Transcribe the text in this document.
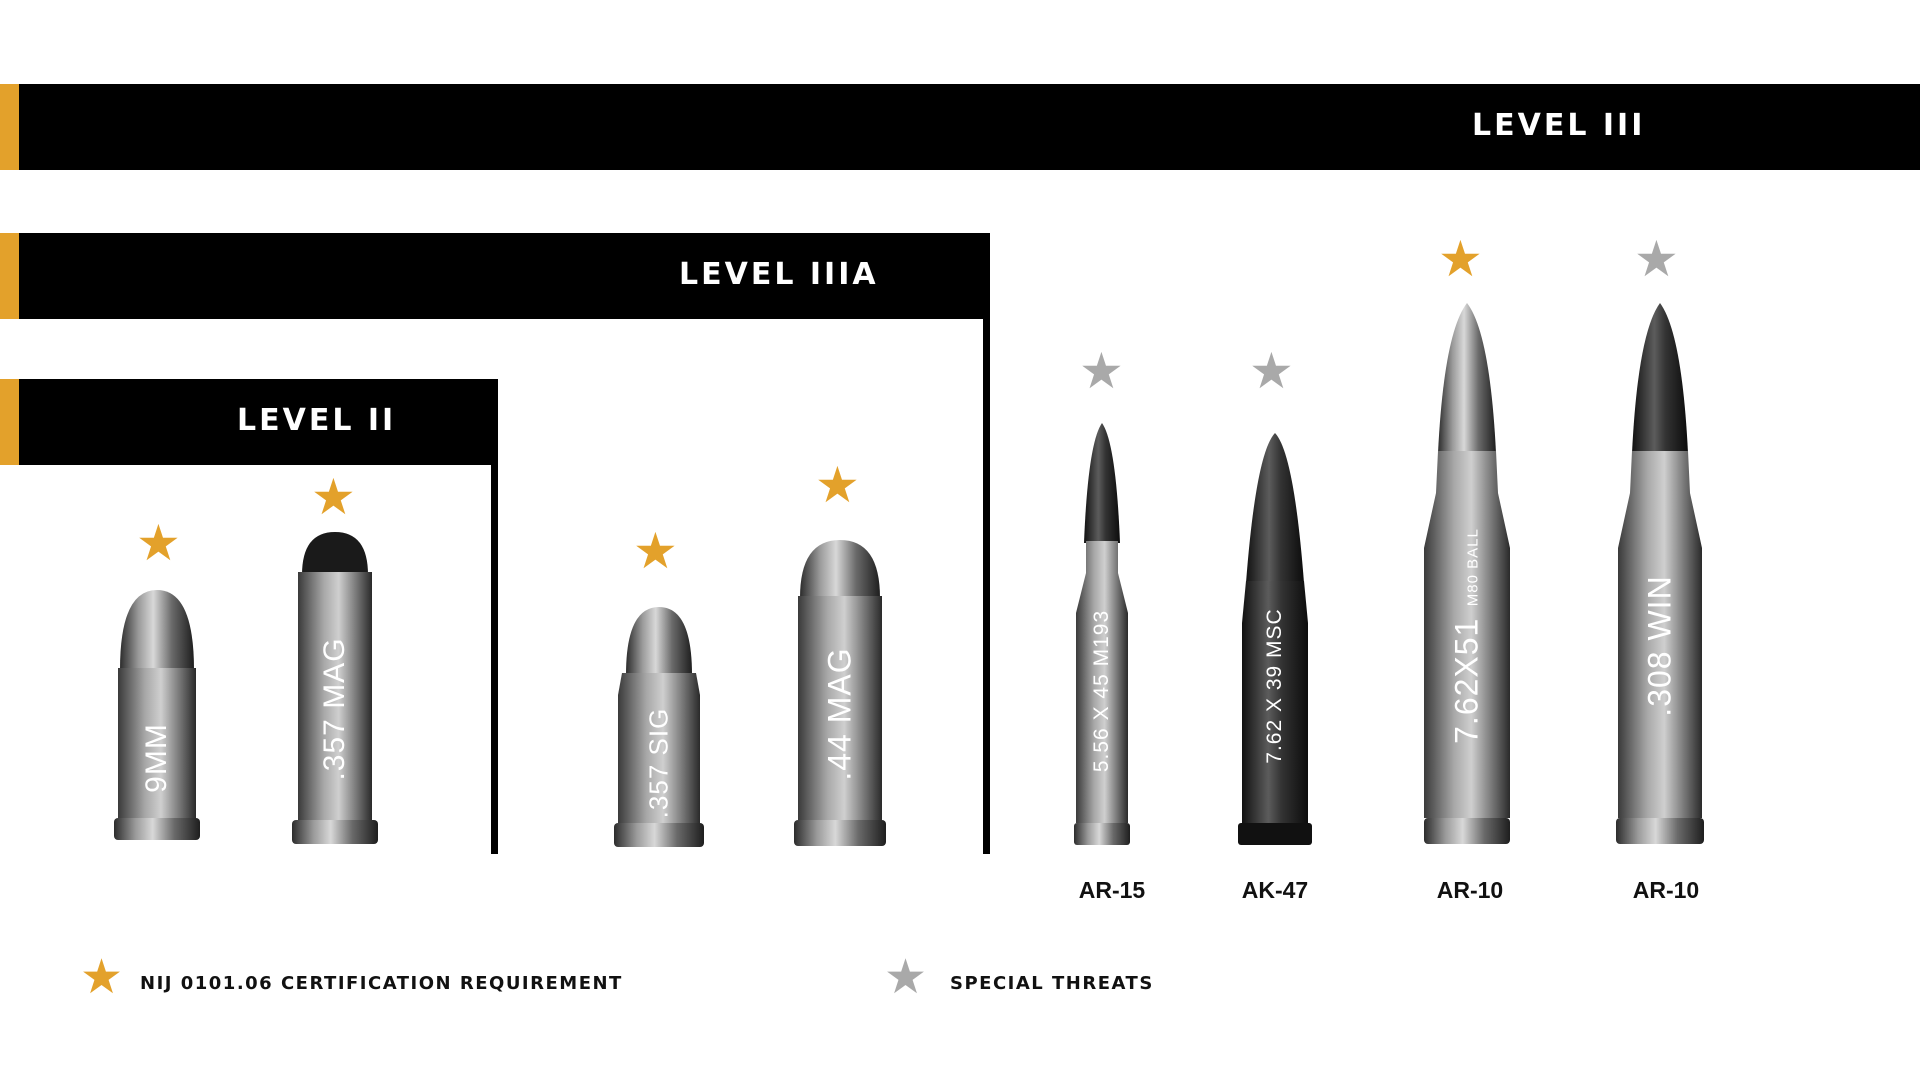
LEVEL III
LEVEL IIIA
LEVEL II
★
★
★
★
★	★
★	★
9MM	.357 MAG	.357 SIG	.44 MAG	5.56 X 45 M193	7.62 X 39 MSC	7.62X51 M80 BALL
.308 WIN
AR-15	AK-47	AR-10	AR-10
★ NIJ 0101.06 CERTIFICATION REQUIREMENT	★ SPECIAL THREATS
